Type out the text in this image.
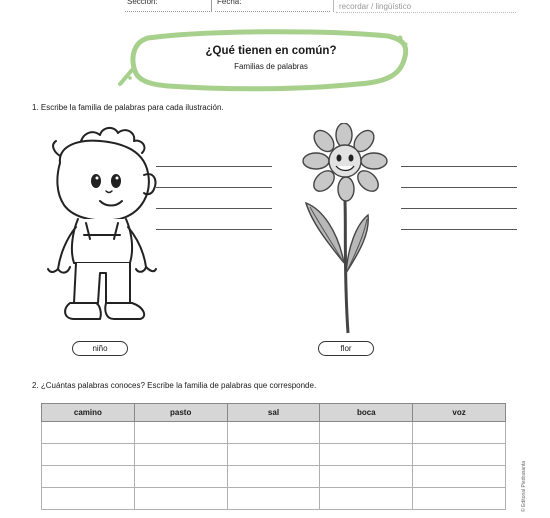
Sección:	Fecha:
recordar / lingüístico
¿Qué tienen en común?
Familias de palabras
1. Escribe la familia de palabras para cada ilustración.
niño	flor
2. ¿Cuántas palabras conoces? Escribe la familia de palabras que corresponde.
camino	pasto	sal	boca	voz

© Editorial Piedrasanta
